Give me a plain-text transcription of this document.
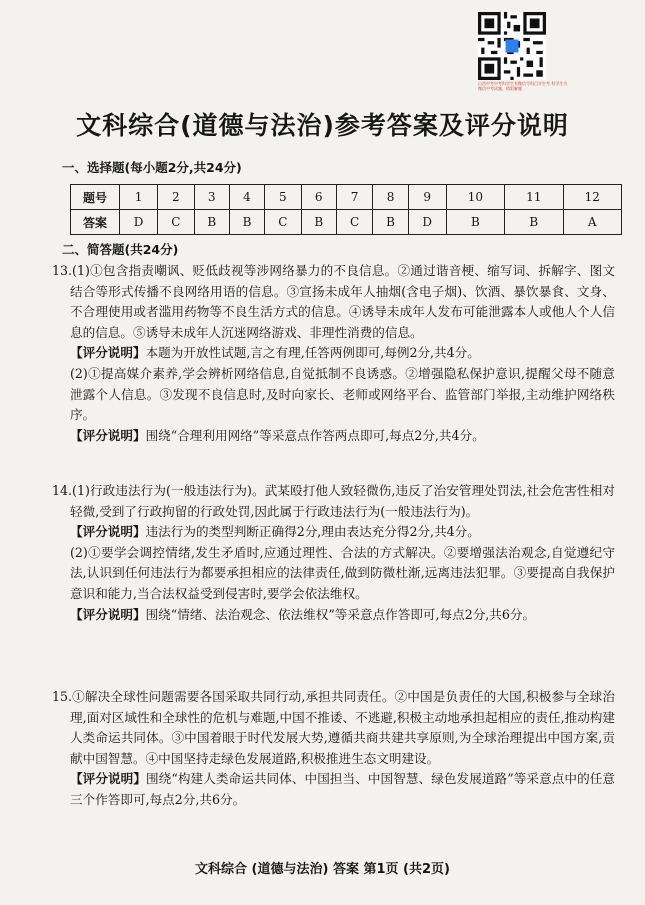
山西中考中考科学生有微信号科目学生考 科学生为微信中考试题、精彩解题
文科综合(道德与法治)参考答案及评分说明
一、选择题(每小题2分,共24分)
题号	1	2	3	4	5	6	7	8	9	10	11	12
答案	D	C	B	B	C	B	C	B	D	B	B	A
二、简答题(共24分)

13.(1)①包含指责嘲讽、贬低歧视等涉网络暴力的不良信息。②通过谐音梗、缩写词、拆解字、图文结合等形式传播不良网络用语的信息。③宣扬未成年人抽烟(含电子烟)、饮酒、暴饮暴食、文身、不合理使用或者滥用药物等不良生活方式的信息。④诱导未成年人发布可能泄露本人或他人个人信息的信息。⑤诱导未成年人沉迷网络游戏、非理性消费的信息。

【评分说明】本题为开放性试题,言之有理,任答两例即可,每例2分,共4分。

(2)①提高媒介素养,学会辨析网络信息,自觉抵制不良诱惑。②增强隐私保护意识,提醒父母不随意泄露个人信息。③发现不良信息时,及时向家长、老师或网络平台、监管部门举报,主动维护网络秩序。

【评分说明】围绕“合理利用网络”等采意点作答两点即可,每点2分,共4分。

14.(1)行政违法行为(一般违法行为)。武某殴打他人致轻微伤,违反了治安管理处罚法,社会危害性相对轻微,受到了行政拘留的行政处罚,因此属于行政违法行为(一般违法行为)。

【评分说明】违法行为的类型判断正确得2分,理由表达充分得2分,共4分。

(2)①要学会调控情绪,发生矛盾时,应通过理性、合法的方式解决。②要增强法治观念,自觉遵纪守法,认识到任何违法行为都要承担相应的法律责任,做到防微杜渐,远离违法犯罪。③要提高自我保护意识和能力,当合法权益受到侵害时,要学会依法维权。

【评分说明】围绕“情绪、法治观念、依法维权”等采意点作答即可,每点2分,共6分。

15.①解决全球性问题需要各国采取共同行动,承担共同责任。②中国是负责任的大国,积极参与全球治理,面对区域性和全球性的危机与难题,中国不推诿、不逃避,积极主动地承担起相应的责任,推动构建人类命运共同体。③中国着眼于时代发展大势,遵循共商共建共享原则,为全球治理提出中国方案,贡献中国智慧。④中国坚持走绿色发展道路,积极推进生态文明建设。

【评分说明】围绕“构建人类命运共同体、中国担当、中国智慧、绿色发展道路”等采意点中的任意三个作答即可,每点2分,共6分。

文科综合 (道德与法治) 答案 第1页 (共2页)
